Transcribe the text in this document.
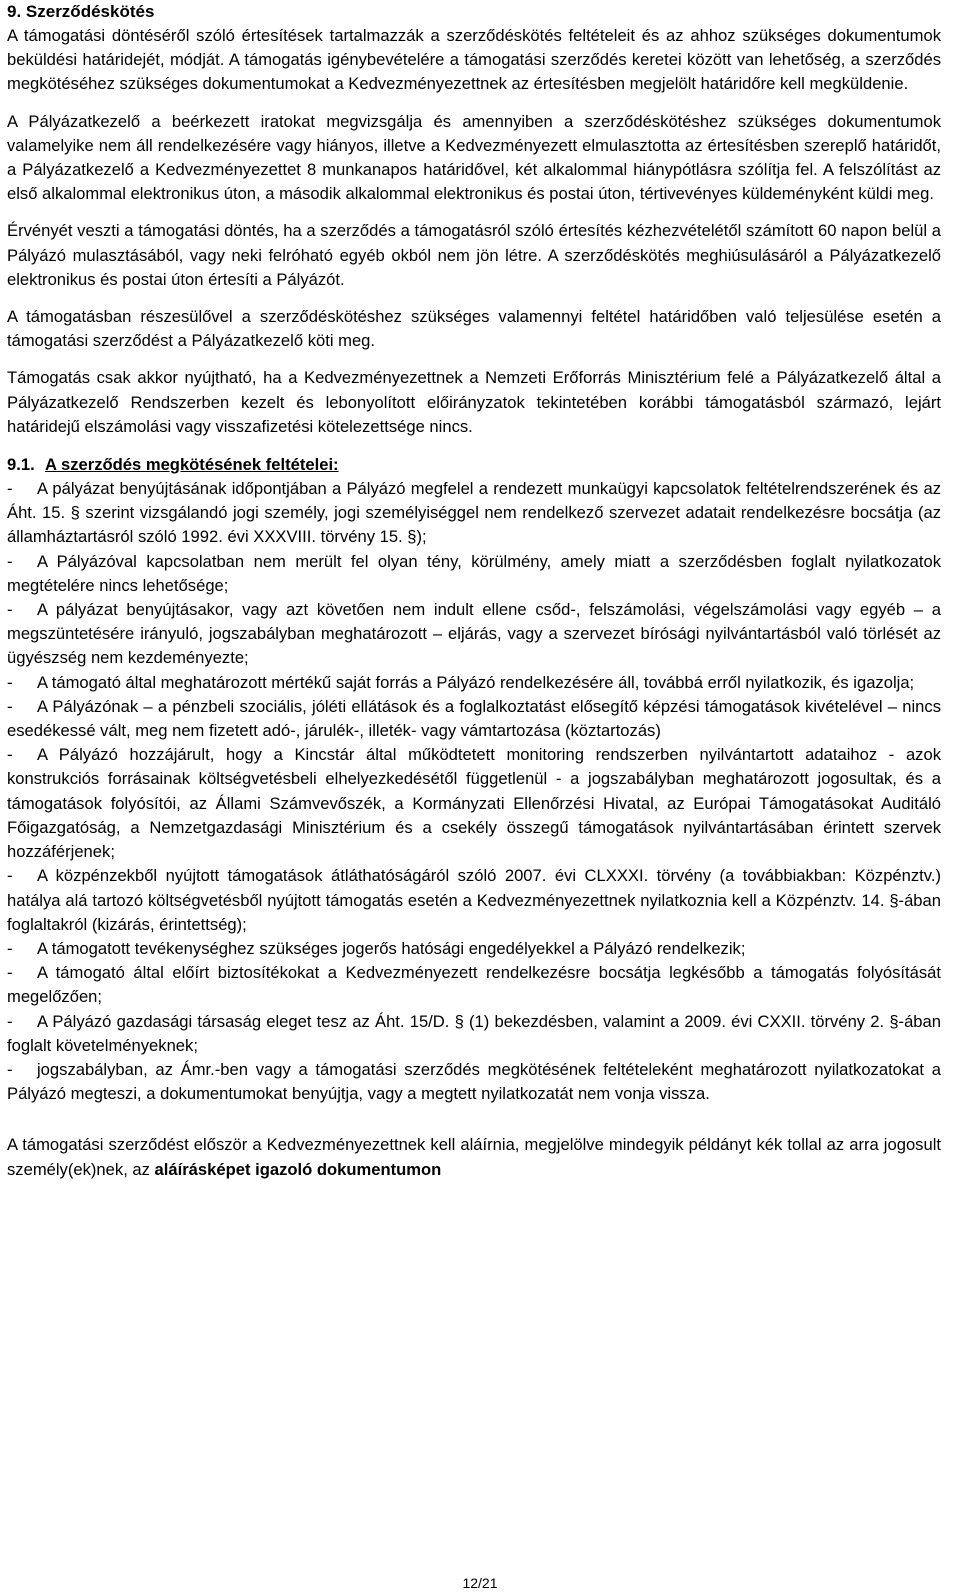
9. Szerződéskötés

A támogatási döntéséről szóló értesítések tartalmazzák a szerződéskötés feltételeit és az ahhoz szükséges dokumentumok beküldési határidejét, módját. A támogatás igénybevételére a támogatási szerződés keretei között van lehetőség, a szerződés megkötéséhez szükséges dokumentumokat a Kedvezményezettnek az értesítésben megjelölt határidőre kell megküldenie.

A Pályázatkezelő a beérkezett iratokat megvizsgálja és amennyiben a szerződéskötéshez szükséges dokumentumok valamelyike nem áll rendelkezésére vagy hiányos, illetve a Kedvezményezett elmulasztotta az értesítésben szereplő határidőt, a Pályázatkezelő a Kedvezményezettet 8 munkanapos határidővel, két alkalommal hiánypótlásra szólítja fel. A felszólítást az első alkalommal elektronikus úton, a második alkalommal elektronikus és postai úton, tértivevényes küldeményként küldi meg.

Érvényét veszti a támogatási döntés, ha a szerződés a támogatásról szóló értesítés kézhezvételétől számított 60 napon belül a Pályázó mulasztásából, vagy neki felróható egyéb okból nem jön létre. A szerződéskötés meghiúsulásáról a Pályázatkezelő elektronikus és postai úton értesíti a Pályázót.

A támogatásban részesülővel a szerződéskötéshez szükséges valamennyi feltétel határidőben való teljesülése esetén a támogatási szerződést a Pályázatkezelő köti meg.

Támogatás csak akkor nyújtható, ha a Kedvezményezettnek a Nemzeti Erőforrás Minisztérium felé a Pályázatkezelő által a Pályázatkezelő Rendszerben kezelt és lebonyolított előirányzatok tekintetében korábbi támogatásból származó, lejárt határidejű elszámolási vagy visszafizetési kötelezettsége nincs.

9.1. A szerződés megkötésének feltételei:
- A pályázat benyújtásának időpontjában a Pályázó megfelel a rendezett munkaügyi kapcsolatok feltételrendszerének és az Áht. 15. § szerint vizsgálandó jogi személy, jogi személyiséggel nem rendelkező szervezet adatait rendelkezésre bocsátja (az államháztartásról szóló 1992. évi XXXVIII. törvény 15. §);
- A Pályázóval kapcsolatban nem merült fel olyan tény, körülmény, amely miatt a szerződésben foglalt nyilatkozatok megtételére nincs lehetősége;
- A pályázat benyújtásakor, vagy azt követően nem indult ellene csőd-, felszámolási, végelszámolási vagy egyéb – a megszüntetésére irányuló, jogszabályban meghatározott – eljárás, vagy a szervezet bírósági nyilvántartásból való törlését az ügyészség nem kezdeményezte;
- A támogató által meghatározott mértékű saját forrás a Pályázó rendelkezésére áll, továbbá erről nyilatkozik, és igazolja;
- A Pályázónak – a pénzbeli szociális, jóléti ellátások és a foglalkoztatást elősegítő képzési támogatások kivételével – nincs esedékessé vált, meg nem fizetett adó-, járulék-, illeték- vagy vámtartozása (köztartozás)
- A Pályázó hozzájárult, hogy a Kincstár által működtetett monitoring rendszerben nyilvántartott adataihoz - azok konstrukciós forrásainak költségvetésbeli elhelyezkedésétől függetlenül - a jogszabályban meghatározott jogosultak, és a támogatások folyósítói, az Állami Számvevőszék, a Kormányzati Ellenőrzési Hivatal, az Európai Támogatásokat Auditáló Főigazgatóság, a Nemzetgazdasági Minisztérium és a csekély összegű támogatások nyilvántartásában érintett szervek hozzáférjenek;
- A közpénzekből nyújtott támogatások átláthatóságáról szóló 2007. évi CLXXXI. törvény (a továbbiakban: Közpénztv.) hatálya alá tartozó költségvetésből nyújtott támogatás esetén a Kedvezményezettnek nyilatkoznia kell a Közpénztv. 14. §-ában foglaltakról (kizárás, érintettség);
- A támogatott tevékenységhez szükséges jogerős hatósági engedélyekkel a Pályázó rendelkezik;
- A támogató által előírt biztosítékokat a Kedvezményezett rendelkezésre bocsátja legkésőbb a támogatás folyósítását megelőzően;
- A Pályázó gazdasági társaság eleget tesz az Áht. 15/D. § (1) bekezdésben, valamint a 2009. évi CXXII. törvény 2. §-ában foglalt követelményeknek;
- jogszabályban, az Ámr.-ben vagy a támogatási szerződés megkötésének feltételeként meghatározott nyilatkozatokat a Pályázó megteszi, a dokumentumokat benyújtja, vagy a megtett nyilatkozatát nem vonja vissza.

A támogatási szerződést először a Kedvezményezettnek kell aláírnia, megjelölve mindegyik példányt kék tollal az arra jogosult személy(ek)nek, az aláírásképet igazoló dokumentumon

12/21
